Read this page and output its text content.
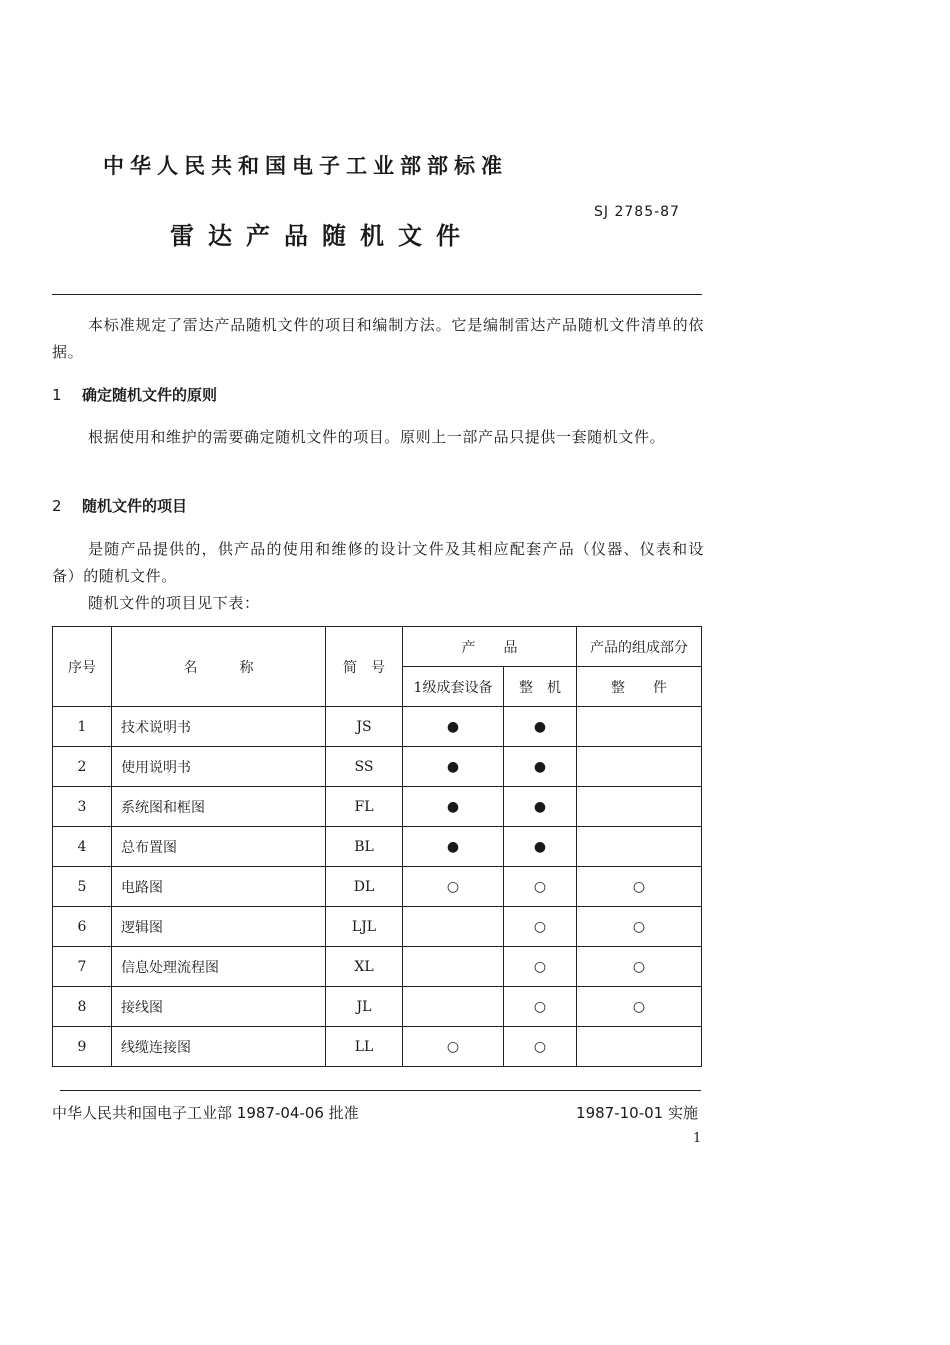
中华人民共和国电子工业部部标准
SJ 2785-87
雷达产品随机文件
本标准规定了雷达产品随机文件的项目和编制方法。它是编制雷达产品随机文件清单的依据。
1 确定随机文件的原则
根据使用和维护的需要确定随机文件的项目。原则上一部产品只提供一套随机文件。
2 随机文件的项目
是随产品提供的，供产品的使用和维修的设计文件及其相应配套产品（仪器、仪表和设备）的随机文件。
随机文件的项目见下表：
序号	名　　　称	简　号	产　　品		产品的组成部分
			1级成套设备	整　机	整　　件
1	技术说明书	JS	●	●	
2	使用说明书	SS	●	●	
3	系统图和框图	FL	●	●	
4	总布置图	BL	●	●	
5	电路图	DL	○	○	○
6	逻辑图	LJL		○	○
7	信息处理流程图	XL		○	○
8	接线图	JL		○	○
9	线缆连接图	LL	○	○	
中华人民共和国电子工业部 1987-04-06 批准	1987-10-01 实施
1
